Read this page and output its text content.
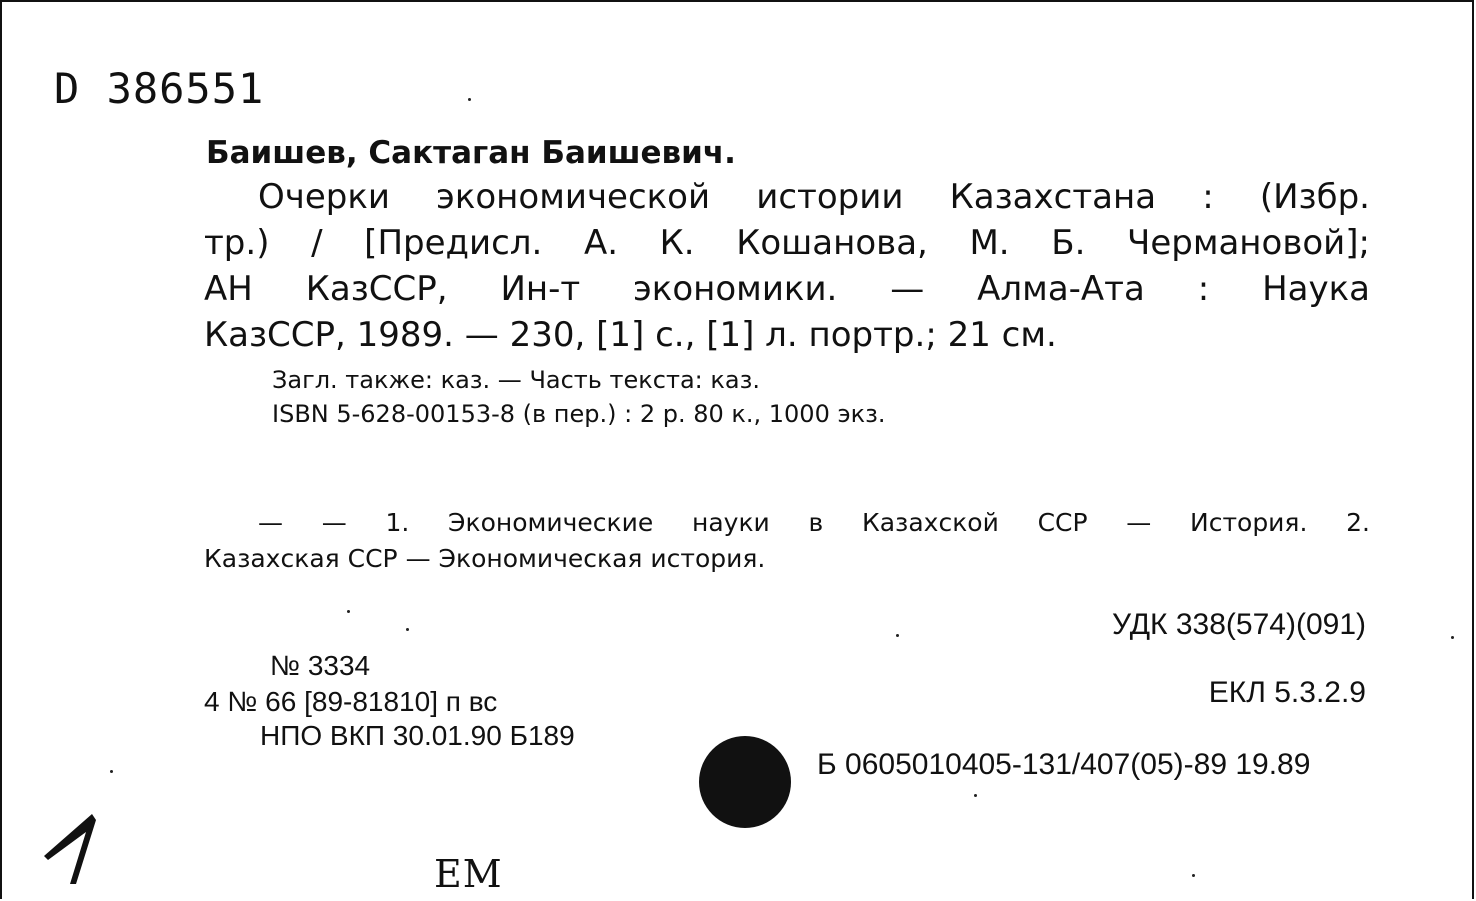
D 386551
Баишев, Сактаган Баишевич.
Очерки экономической истории Казахстана : (Избр.
тр.) / [Предисл. А. К. Кошанова, М. Б. Чермановой];
АН КазССР, Ин-т экономики. — Алма-Ата : Наука
КазССР, 1989. — 230, [1] с., [1] л. портр.; 21 см.
Загл. также: каз. — Часть текста: каз.
ISBN 5-628-00153-8 (в пер.) : 2 р. 80 к., 1000 экз.
— — 1. Экономические науки в Казахской ССР — История. 2.
Казахская ССР — Экономическая история.
УДК 338(574)(091)
ЕКЛ 5.3.2.9
№ 3334
4 № 66 [89-81810] п вс
НПО ВКП 30.01.90 Б189
Б 0605010405-131/407(05)-89 19.89
ЕМ
